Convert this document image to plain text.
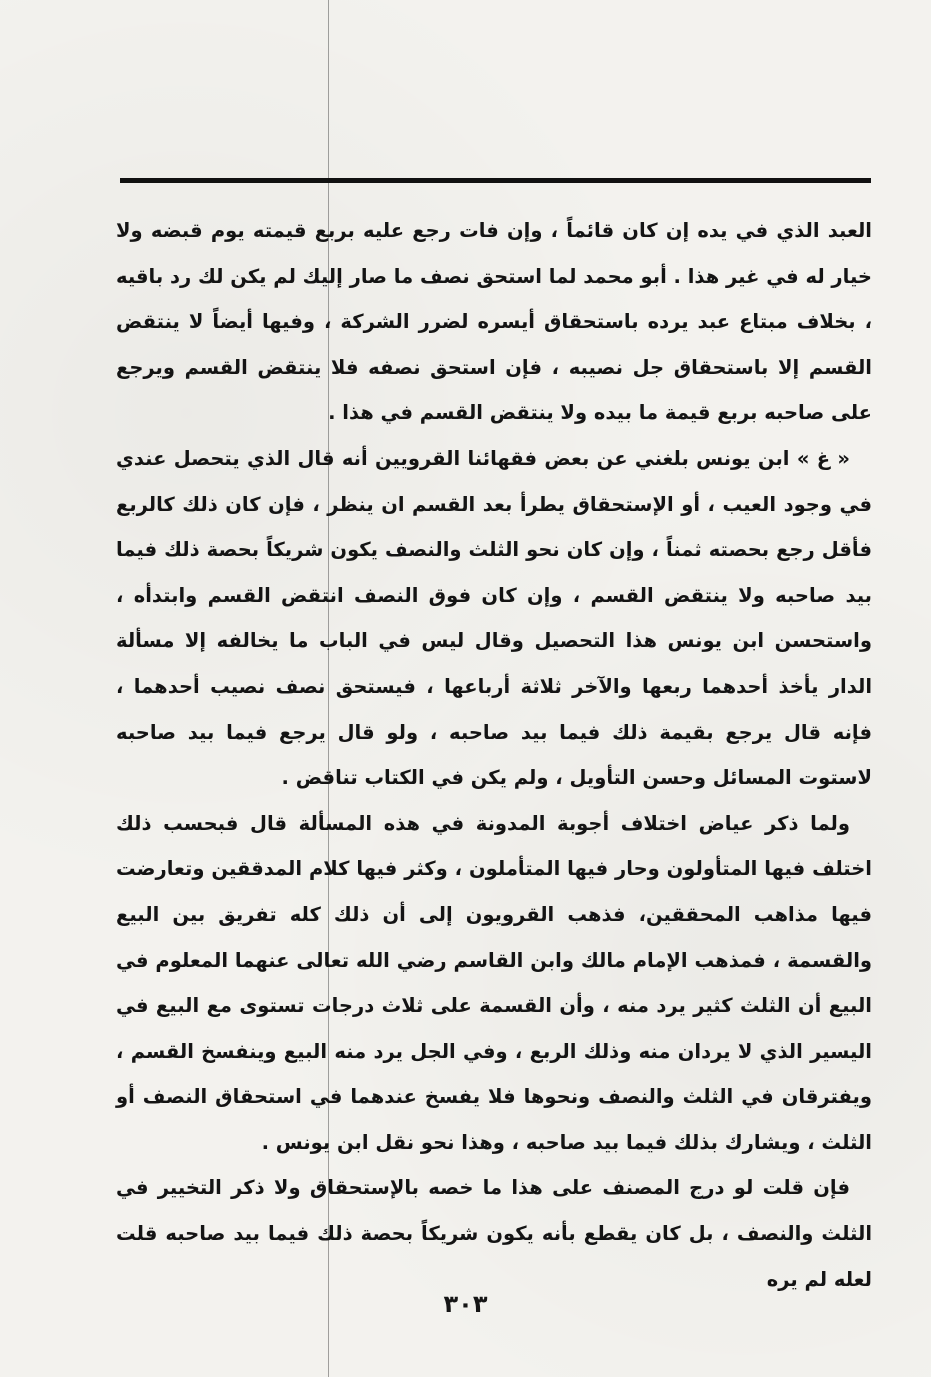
العبد الذي في يده إن كان قائماً ، وإن فات رجع عليه بربع قيمته يوم قبضه ولا خيار له في غير هذا . أبو محمد لما استحق نصف ما صار إليك لم يكن لك رد باقيه ، بخلاف مبتاع عبد يرده باستحقاق أيسره لضرر الشركة ، وفيها أيضاً لا ينتقض القسم إلا باستحقاق جل نصيبه ، فإن استحق نصفه فلا ينتقض القسم ويرجع على صاحبه بربع قيمة ما بيده ولا ينتقض القسم في هذا .

« غ » ابن يونس بلغني عن بعض فقهائنا القرويين أنه قال الذي يتحصل عندي في وجود العيب ، أو الإستحقاق يطرأ بعد القسم ان ينظر ، فإن كان ذلك كالربع فأقل رجع بحصته ثمناً ، وإن كان نحو الثلث والنصف يكون شريكاً بحصة ذلك فيما بيد صاحبه ولا ينتقض القسم ، وإن كان فوق النصف انتقض القسم وابتدأه ، واستحسن ابن يونس هذا التحصيل وقال ليس في الباب ما يخالفه إلا مسألة الدار يأخذ أحدهما ربعها والآخر ثلاثة أرباعها ، فيستحق نصف نصيب أحدهما ، فإنه قال يرجع بقيمة ذلك فيما بيد صاحبه ، ولو قال يرجع فيما بيد صاحبه لاستوت المسائل وحسن التأويل ، ولم يكن في الكتاب تناقض .

ولما ذكر عياض اختلاف أجوبة المدونة في هذه المسألة قال فبحسب ذلك اختلف فيها المتأولون وحار فيها المتأملون ، وكثر فيها كلام المدققين وتعارضت فيها مذاهب المحققين، فذهب القرويون إلى أن ذلك كله تفريق بين البيع والقسمة ، فمذهب الإمام مالك وابن القاسم رضي الله تعالى عنهما المعلوم في البيع أن الثلث كثير يرد منه ، وأن القسمة على ثلاث درجات تستوى مع البيع في اليسير الذي لا يردان منه وذلك الربع ، وفي الجل يرد منه البيع وينفسخ القسم ، ويفترقان في الثلث والنصف ونحوها فلا يفسخ عندهما في استحقاق النصف أو الثلث ، ويشارك بذلك فيما بيد صاحبه ، وهذا نحو نقل ابن يونس .

فإن قلت لو درج المصنف على هذا ما خصه بالإستحقاق ولا ذكر التخيير في الثلث والنصف ، بل كان يقطع بأنه يكون شريكاً بحصة ذلك فيما بيد صاحبه قلت لعله لم يره

٣٠٣
